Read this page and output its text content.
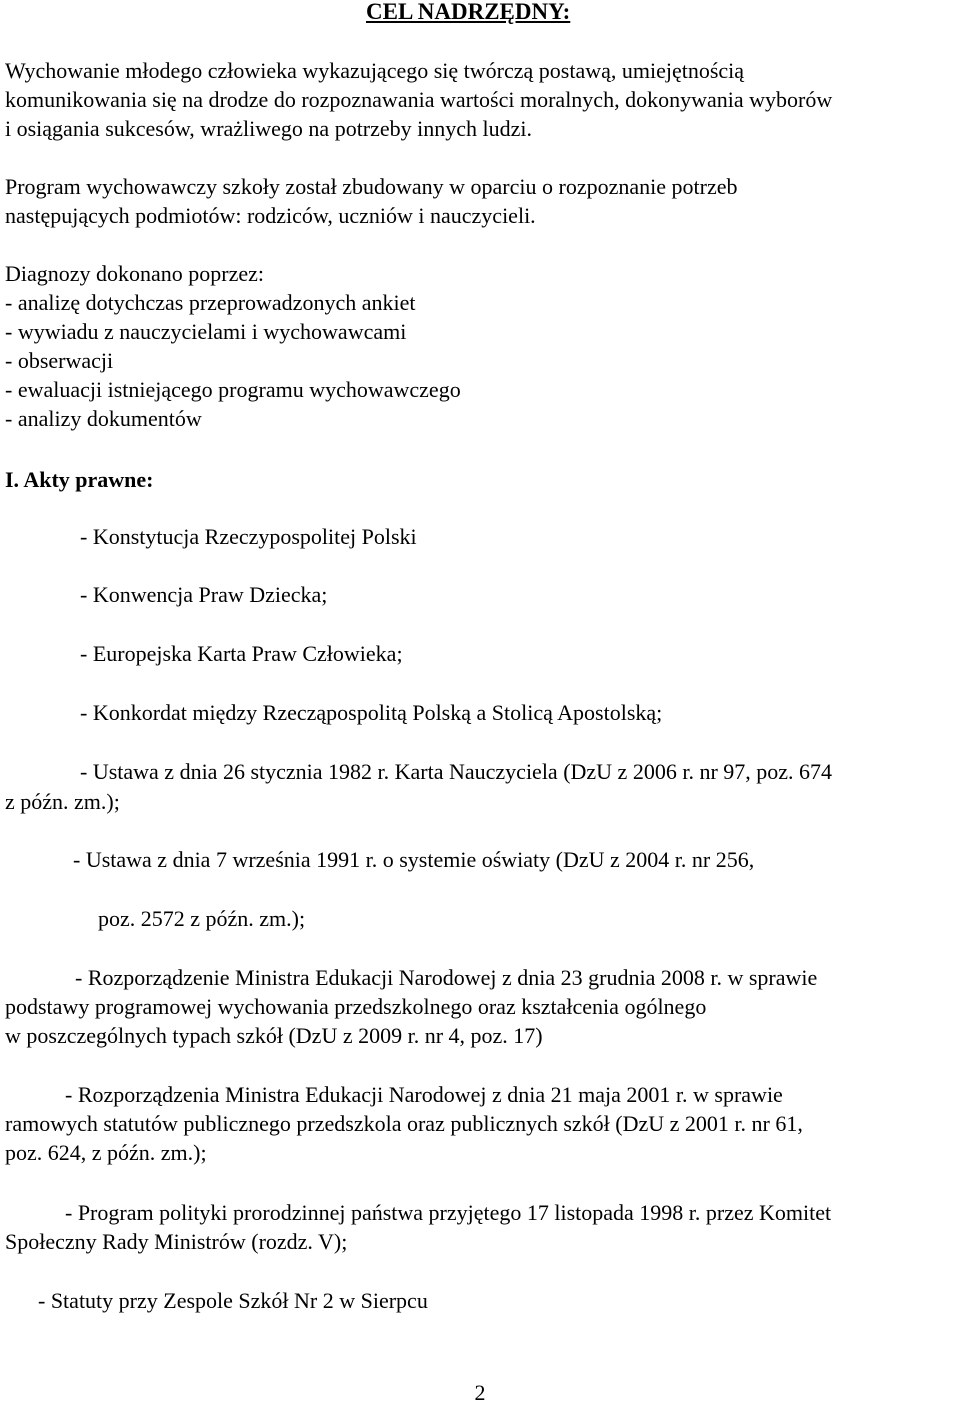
CEL NADRZĘDNY:
Wychowanie młodego człowieka wykazującego się twórczą postawą, umiejętnością
komunikowania się na drodze do rozpoznawania wartości moralnych, dokonywania wyborów
i osiągania sukcesów, wrażliwego na potrzeby innych ludzi.
Program wychowawczy szkoły został zbudowany w oparciu o rozpoznanie potrzeb
następujących podmiotów: rodziców, uczniów i nauczycieli.
Diagnozy dokonano poprzez:
- analizę dotychczas przeprowadzonych ankiet
- wywiadu z nauczycielami i wychowawcami
- obserwacji
- ewaluacji istniejącego programu wychowawczego
- analizy dokumentów
I. Akty prawne:
- Konstytucja Rzeczypospolitej Polski
- Konwencja Praw Dziecka;
- Europejska Karta Praw Człowieka;
- Konkordat między Rzecząpospolitą Polską a Stolicą Apostolską;
- Ustawa z dnia 26 stycznia 1982 r. Karta Nauczyciela (DzU z 2006 r. nr 97, poz. 674
z późn. zm.);
- Ustawa z dnia 7 września 1991 r. o systemie oświaty (DzU z 2004 r. nr 256,
poz. 2572 z późn. zm.);
- Rozporządzenie Ministra Edukacji Narodowej z dnia 23 grudnia 2008 r. w sprawie
podstawy programowej wychowania przedszkolnego oraz kształcenia ogólnego
w poszczególnych typach szkół (DzU z 2009 r. nr 4, poz. 17)
- Rozporządzenia Ministra Edukacji Narodowej z dnia 21 maja 2001 r. w sprawie
ramowych statutów publicznego przedszkola oraz publicznych szkół (DzU z 2001 r. nr 61,
poz. 624, z późn. zm.);
- Program polityki prorodzinnej państwa przyjętego 17 listopada 1998 r. przez Komitet
Społeczny Rady Ministrów (rozdz. V);
- Statuty przy Zespole Szkół Nr 2 w Sierpcu
2
